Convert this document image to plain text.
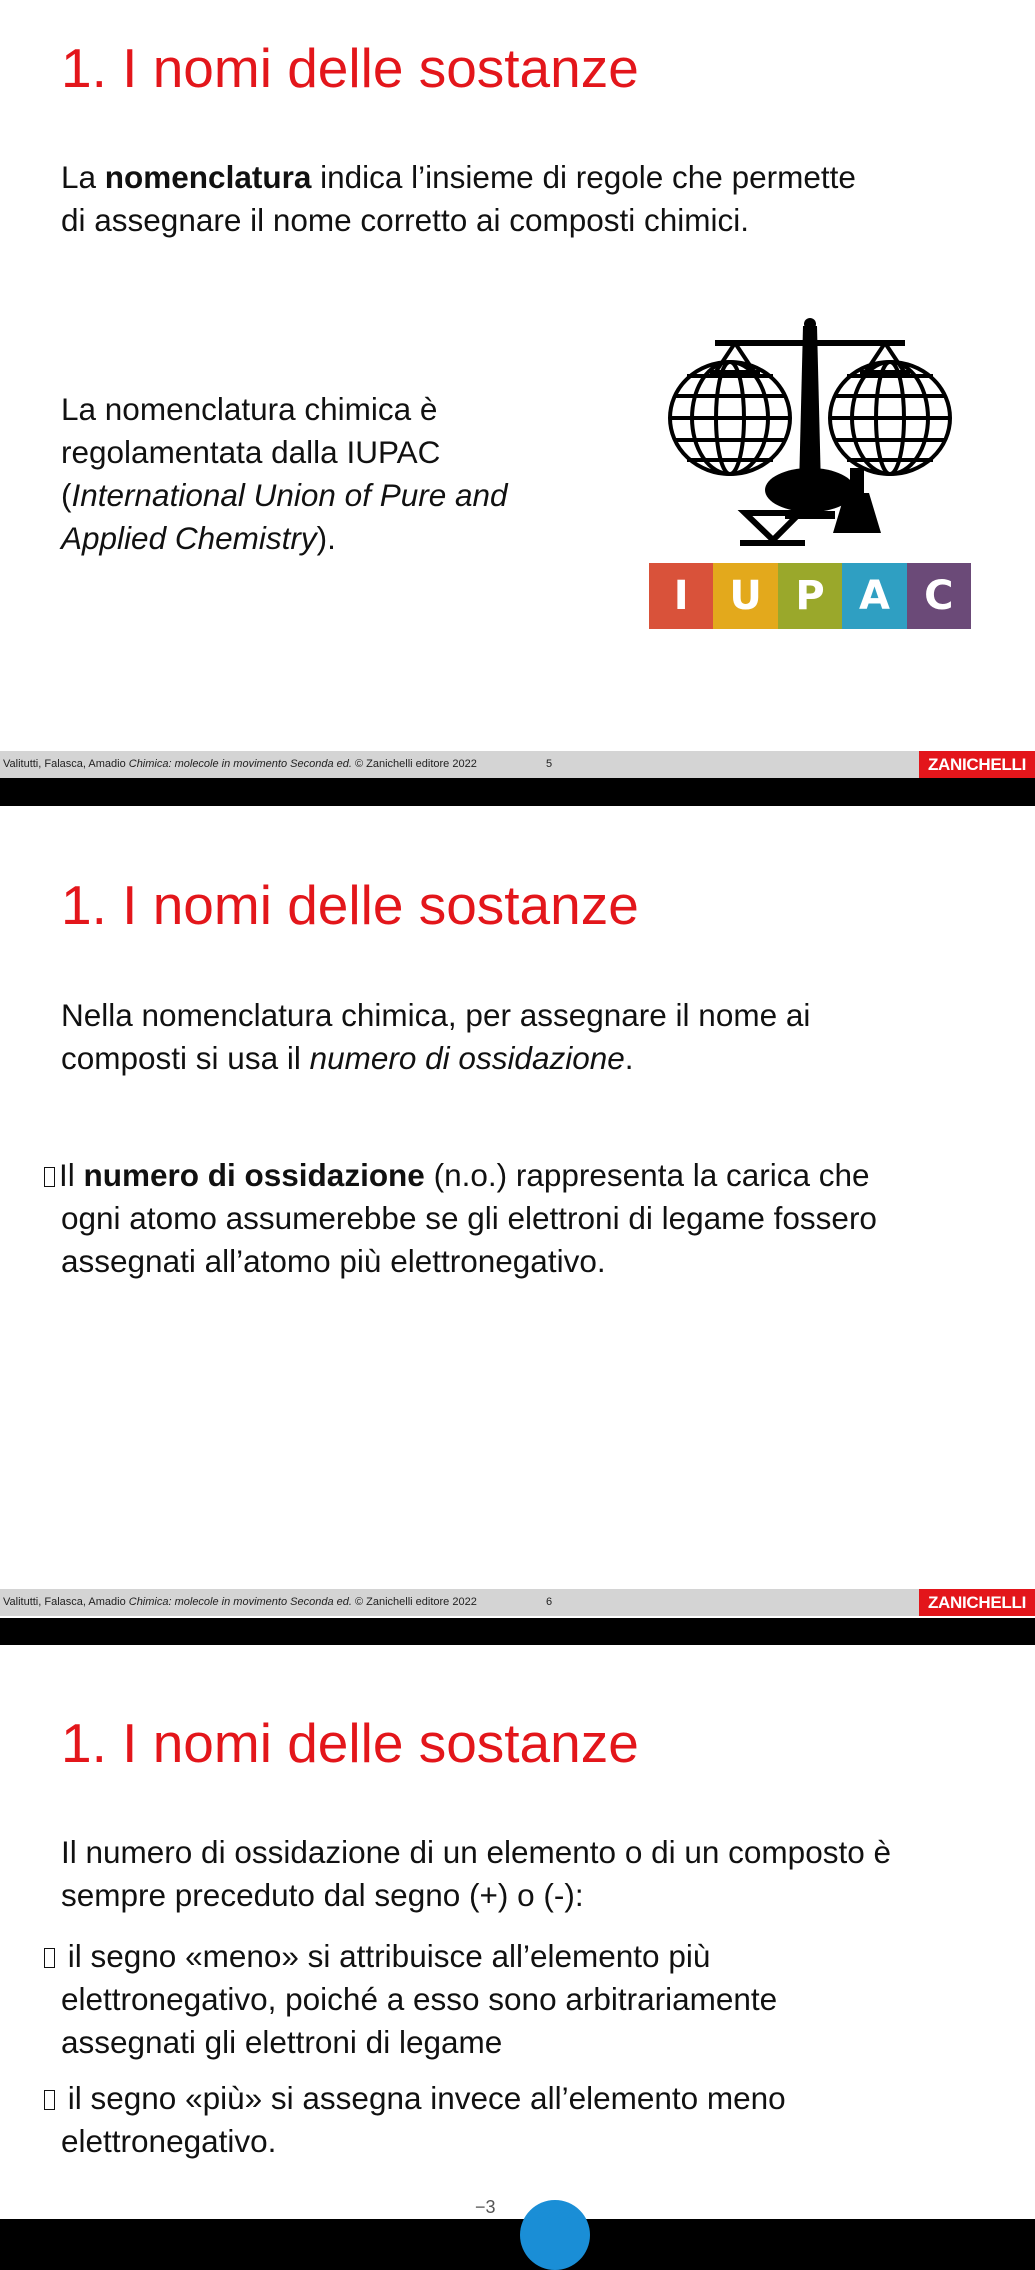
1. I nomi delle sostanze

La nomenclatura indica l’insieme di regole che permette
di assegnare il nome corretto ai composti chimici.

La nomenclatura chimica è
regolamentata dalla IUPAC
(International Union of Pure and
Applied Chemistry).

I	U P A C
Valitutti, Falasca, Amadio Chimica: molecole in movimento Seconda ed. © Zanichelli editore 2022	5	ZANICHELLI
1. I nomi delle sostanze

Nella nomenclatura chimica, per assegnare il nome ai
composti si usa il numero di ossidazione.

Il numero di ossidazione (n.o.) rappresenta la carica che
ogni atomo assumerebbe se gli elettroni di legame fossero
assegnati all’atomo più elettronegativo.

Valitutti, Falasca, Amadio Chimica: molecole in movimento Seconda ed. © Zanichelli editore 2022	6	ZANICHELLI
1. I nomi delle sostanze

Il numero di ossidazione di un elemento o di un composto è
sempre preceduto dal segno (+) o (-):

il segno «meno» si attribuisce all’elemento più
elettronegativo, poiché a esso sono arbitrariamente
assegnati gli elettroni di legame

il segno «più» si assegna invece all’elemento meno
elettronegativo.

−3
